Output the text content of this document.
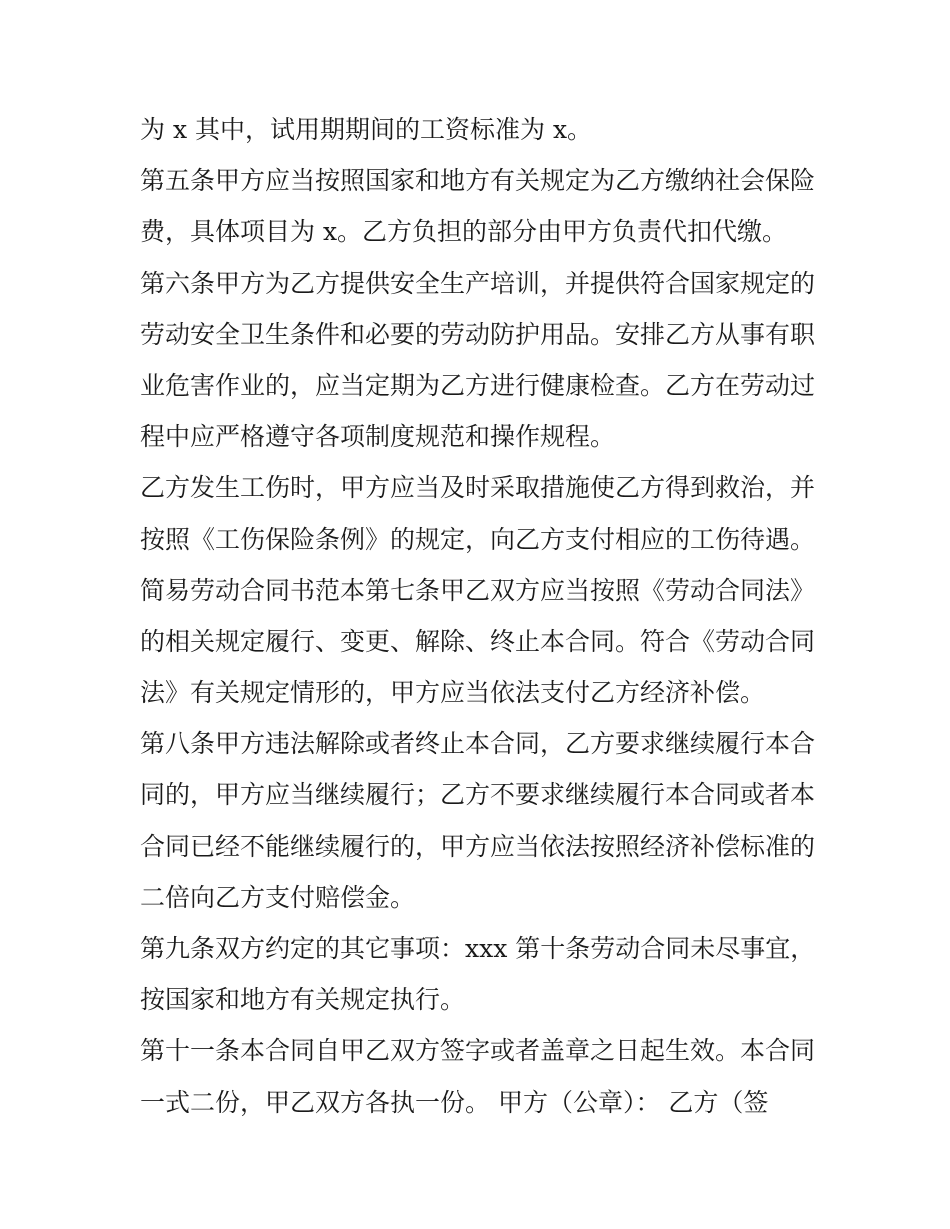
为 x 其中，试用期期间的工资标准为 x。
第五条甲方应当按照国家和地方有关规定为乙方缴纳社会保险
费，具体项目为 x。乙方负担的部分由甲方负责代扣代缴。
第六条甲方为乙方提供安全生产培训，并提供符合国家规定的
劳动安全卫生条件和必要的劳动防护用品。安排乙方从事有职
业危害作业的，应当定期为乙方进行健康检查。乙方在劳动过
程中应严格遵守各项制度规范和操作规程。
乙方发生工伤时，甲方应当及时采取措施使乙方得到救治，并
按照《工伤保险条例》的规定，向乙方支付相应的工伤待遇。
简易劳动合同书范本第七条甲乙双方应当按照《劳动合同法》
的相关规定履行、变更、解除、终止本合同。符合《劳动合同
法》有关规定情形的，甲方应当依法支付乙方经济补偿。
第八条甲方违法解除或者终止本合同，乙方要求继续履行本合
同的，甲方应当继续履行；乙方不要求继续履行本合同或者本
合同已经不能继续履行的，甲方应当依法按照经济补偿标准的
二倍向乙方支付赔偿金。
第九条双方约定的其它事项：xxx 第十条劳动合同未尽事宜，
按国家和地方有关规定执行。
第十一条本合同自甲乙双方签字或者盖章之日起生效。本合同
一式二份，甲乙双方各执一份。 甲方（公章）： 乙方（签
